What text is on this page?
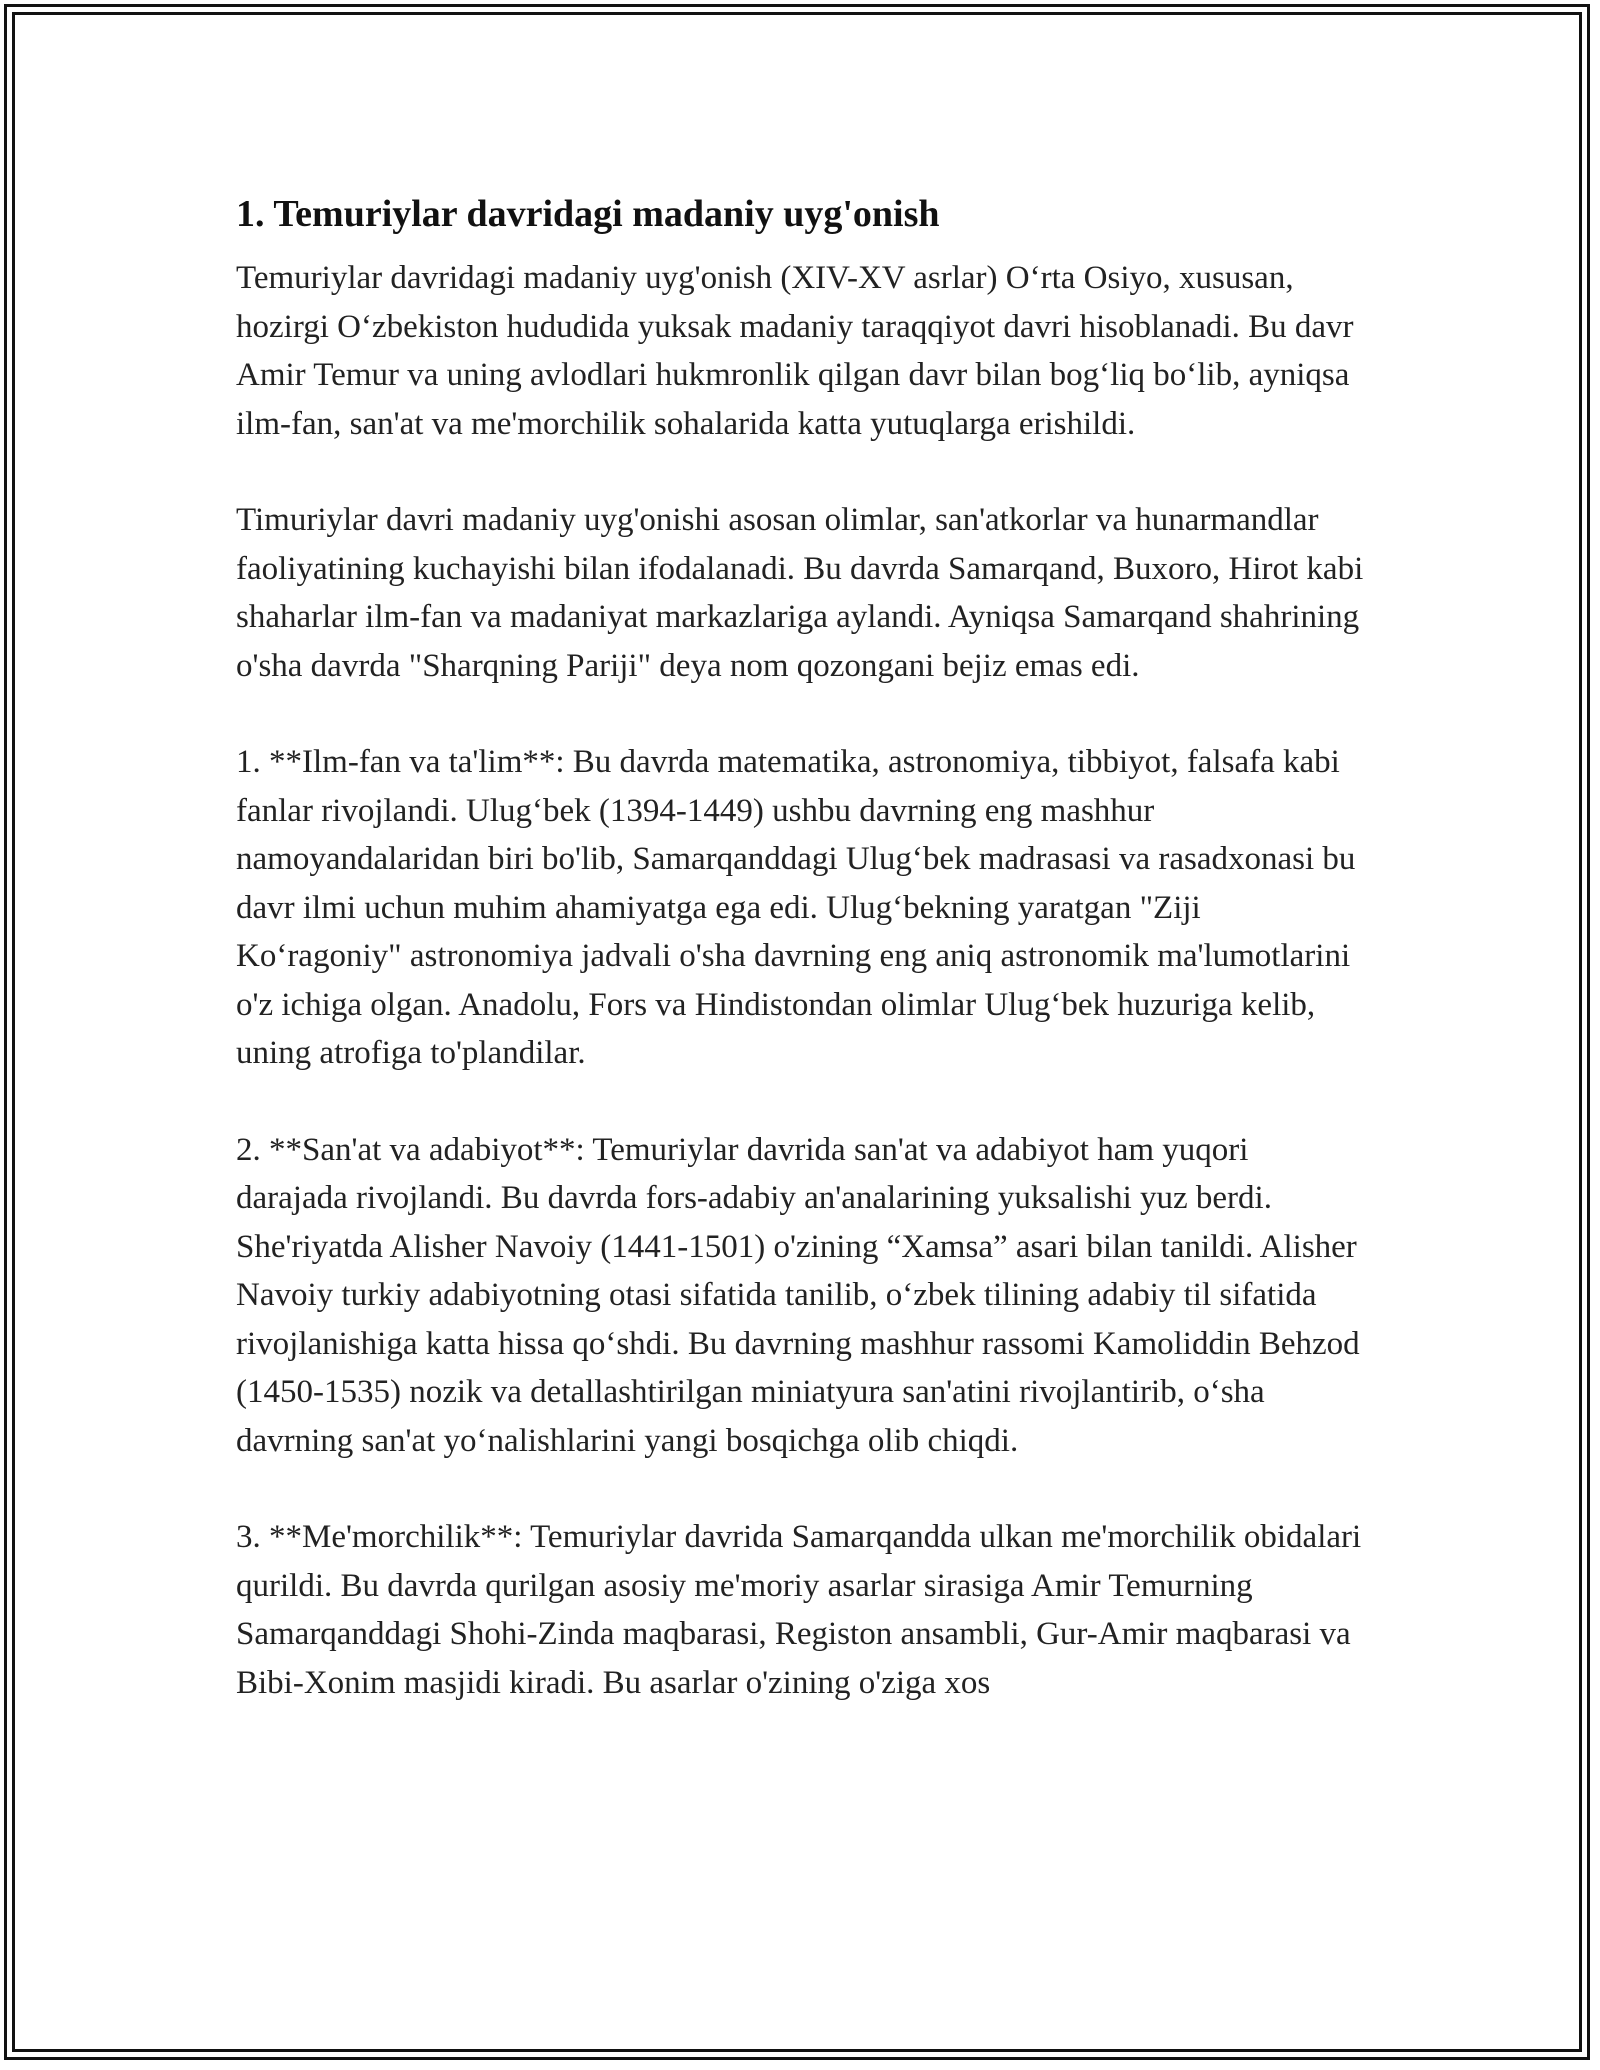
1. Temuriylar davridagi madaniy uyg'onish

Temuriylar davridagi madaniy uyg'onish (XIV-XV asrlar) O‘rta Osiyo, xususan, hozirgi O‘zbekiston hududida yuksak madaniy taraqqiyot davri hisoblanadi. Bu davr Amir Temur va uning avlodlari hukmronlik qilgan davr bilan bog‘liq bo‘lib, ayniqsa ilm-fan, san'at va me'morchilik sohalarida katta yutuqlarga erishildi.

Timuriylar davri madaniy uyg'onishi asosan olimlar, san'atkorlar va hunarmandlar faoliyatining kuchayishi bilan ifodalanadi. Bu davrda Samarqand, Buxoro, Hirot kabi shaharlar ilm-fan va madaniyat markazlariga aylandi. Ayniqsa Samarqand shahrining o'sha davrda "Sharqning Pariji" deya nom qozongani bejiz emas edi.

1. **Ilm-fan va ta'lim**: Bu davrda matematika, astronomiya, tibbiyot, falsafa kabi fanlar rivojlandi. Ulug‘bek (1394-1449) ushbu davrning eng mashhur namoyandalaridan biri bo'lib, Samarqanddagi Ulug‘bek madrasasi va rasadxonasi bu davr ilmi uchun muhim ahamiyatga ega edi. Ulug‘bekning yaratgan "Ziji Ko‘ragoniy" astronomiya jadvali o'sha davrning eng aniq astronomik ma'lumotlarini o'z ichiga olgan. Anadolu, Fors va Hindistondan olimlar Ulug‘bek huzuriga kelib, uning atrofiga to'plandilar.

2. **San'at va adabiyot**: Temuriylar davrida san'at va adabiyot ham yuqori darajada rivojlandi. Bu davrda fors-adabiy an'analarining yuksalishi yuz berdi. She'riyatda Alisher Navoiy (1441-1501) o'zining “Xamsa” asari bilan tanildi. Alisher Navoiy turkiy adabiyotning otasi sifatida tanilib, o‘zbek tilining adabiy til sifatida rivojlanishiga katta hissa qo‘shdi. Bu davrning mashhur rassomi Kamoliddin Behzod (1450-1535) nozik va detallashtirilgan miniatyura san'atini rivojlantirib, o‘sha davrning san'at yo‘nalishlarini yangi bosqichga olib chiqdi.

3. **Me'morchilik**: Temuriylar davrida Samarqandda ulkan me'morchilik obidalari qurildi. Bu davrda qurilgan asosiy me'moriy asarlar sirasiga Amir Temurning Samarqanddagi Shohi-Zinda maqbarasi, Registon ansambli, Gur-Amir maqbarasi va Bibi-Xonim masjidi kiradi. Bu asarlar o'zining o'ziga xos
